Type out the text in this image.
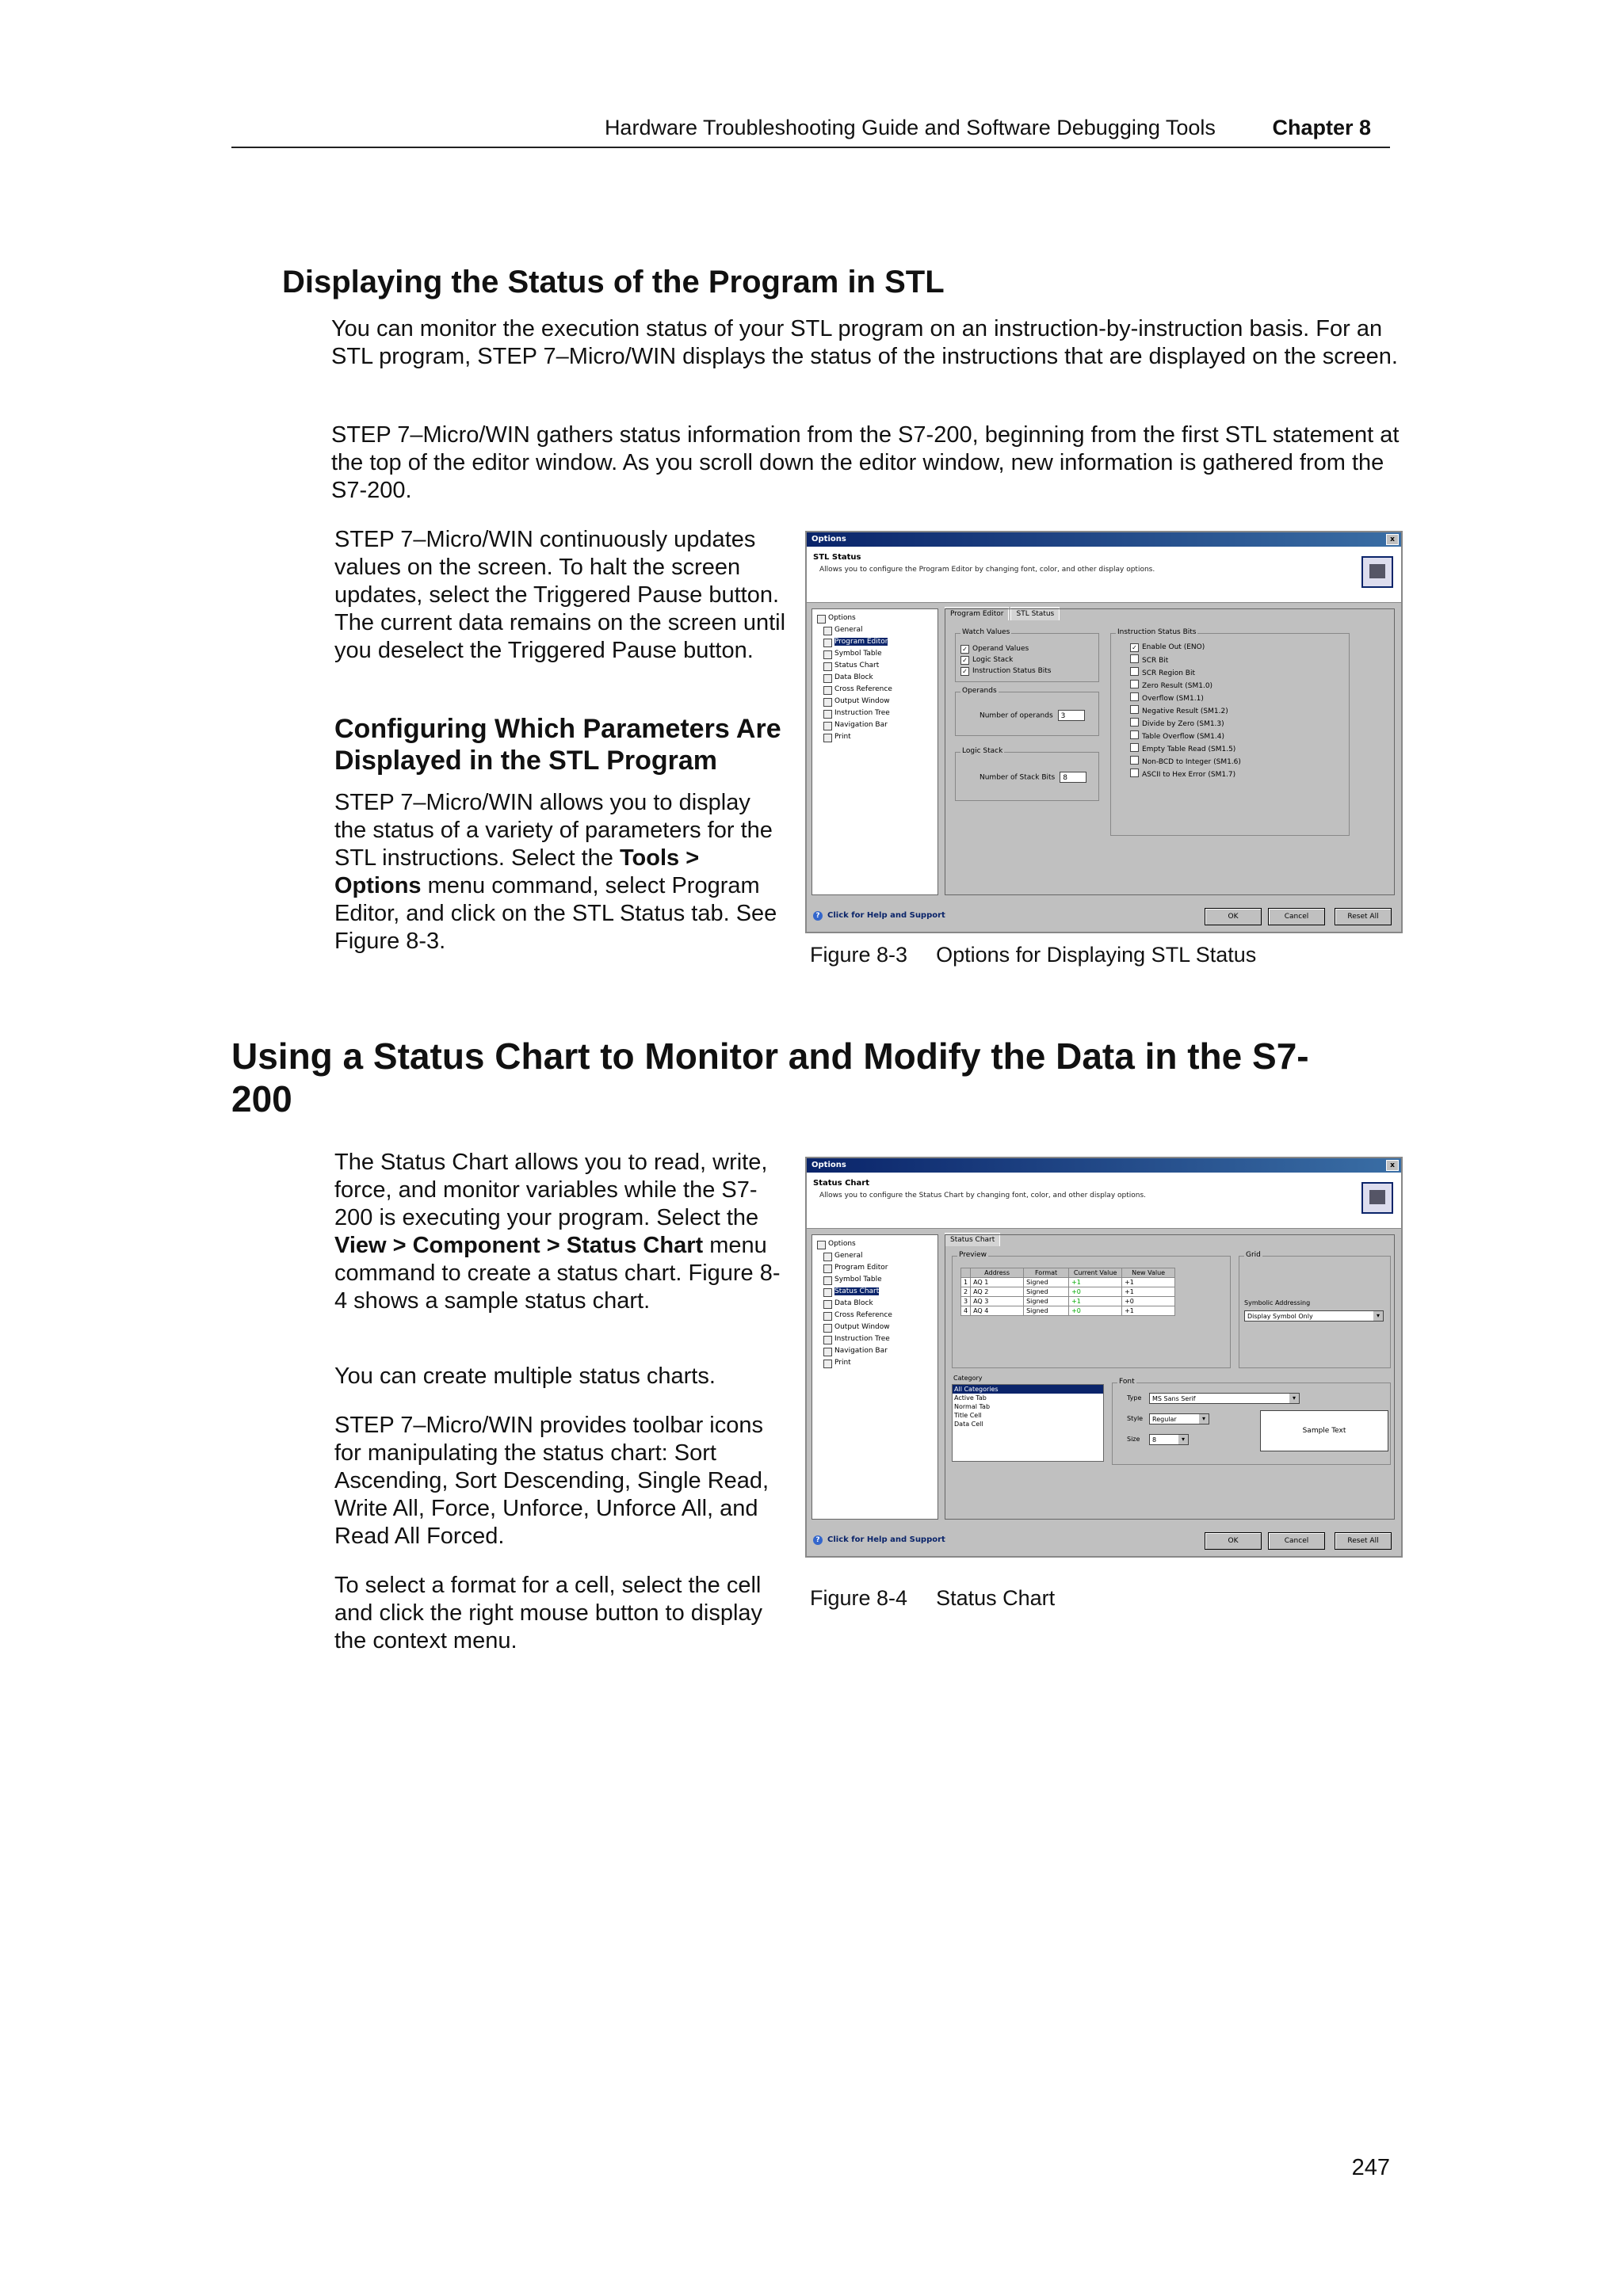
Hardware Troubleshooting Guide and Software Debugging Tools	Chapter 8
Displaying the Status of the Program in STL

You can monitor the execution status of your STL program on an instruction-by-instruction basis. For an STL program, STEP 7–Micro/WIN displays the status of the instructions that are displayed on the screen.

STEP 7–Micro/WIN gathers status information from the S7-200, beginning from the first STL statement at the top of the editor window. As you scroll down the editor window, new information is gathered from the S7-200.

STEP 7–Micro/WIN continuously updates values on the screen. To halt the screen updates, select the Triggered Pause button. The current data remains on the screen until you deselect the Triggered Pause button.

Configuring Which Parameters Are Displayed in the STL Program

STEP 7–Micro/WIN allows you to display the status of a variety of parameters for the STL instructions. Select the Tools > Options menu command, select Program Editor, and click on the STL Status tab. See Figure 8-3.

Options	x
STL Status
Allows you to configure the Program Editor by changing font, color, and other display options.
Options
General
Program Editor
Symbol Table
Status Chart
Data Block
Cross Reference
Output Window
Instruction Tree
Navigation Bar
Print
Program Editor STL Status
Watch Values
✓ Operand Values
✓ Logic Stack
✓ Instruction Status Bits
Operands
Number of operands 3
Logic Stack
Number of Stack Bits 8
Instruction Status Bits
✓ Enable Out (ENO)
SCR Bit
SCR Region Bit
Zero Result (SM1.0)
Overflow (SM1.1)
Negative Result (SM1.2)
Divide by Zero (SM1.3)
Table Overflow (SM1.4)
Empty Table Read (SM1.5)
Non-BCD to Integer (SM1.6)
ASCII to Hex Error (SM1.7)
? Click for Help and Support	OK	Cancel	Reset All
Figure 8-3 Options for Displaying STL Status
Using a Status Chart to Monitor and Modify the Data in the S7-200

The Status Chart allows you to read, write, force, and monitor variables while the S7-200 is executing your program. Select the View > Component > Status Chart menu command to create a status chart. Figure 8-4 shows a sample status chart.

You can create multiple status charts.

STEP 7–Micro/WIN provides toolbar icons for manipulating the status chart: Sort Ascending, Sort Descending, Single Read, Write All, Force, Unforce, Unforce All, and Read All Forced.

To select a format for a cell, select the cell and click the right mouse button to display the context menu.

Options	x
Status Chart
Allows you to configure the Status Chart by changing font, color, and other display options.
Options
General
Program Editor
Symbol Table
Status Chart
Data Block
Cross Reference
Output Window
Instruction Tree
Navigation Bar
Print
Status Chart
Preview
	Address	Format	Current Value	New Value
1	AQ 1	Signed	+1	+1
2	AQ 2	Signed	+0	+1
3	AQ 3	Signed	+1	+0
4	AQ 4	Signed	+0	+1
Grid
Symbolic Addressing
Display Symbol Only ▾
Category
All Categories
Active Tab
Normal Tab
Title Cell
Data Cell
Font
Type	MS Sans Serif ▾
Style	Regular ▾
Size	8 ▾
Sample Text
? Click for Help and Support	OK	Cancel	Reset All
Figure 8-4 Status Chart
247
